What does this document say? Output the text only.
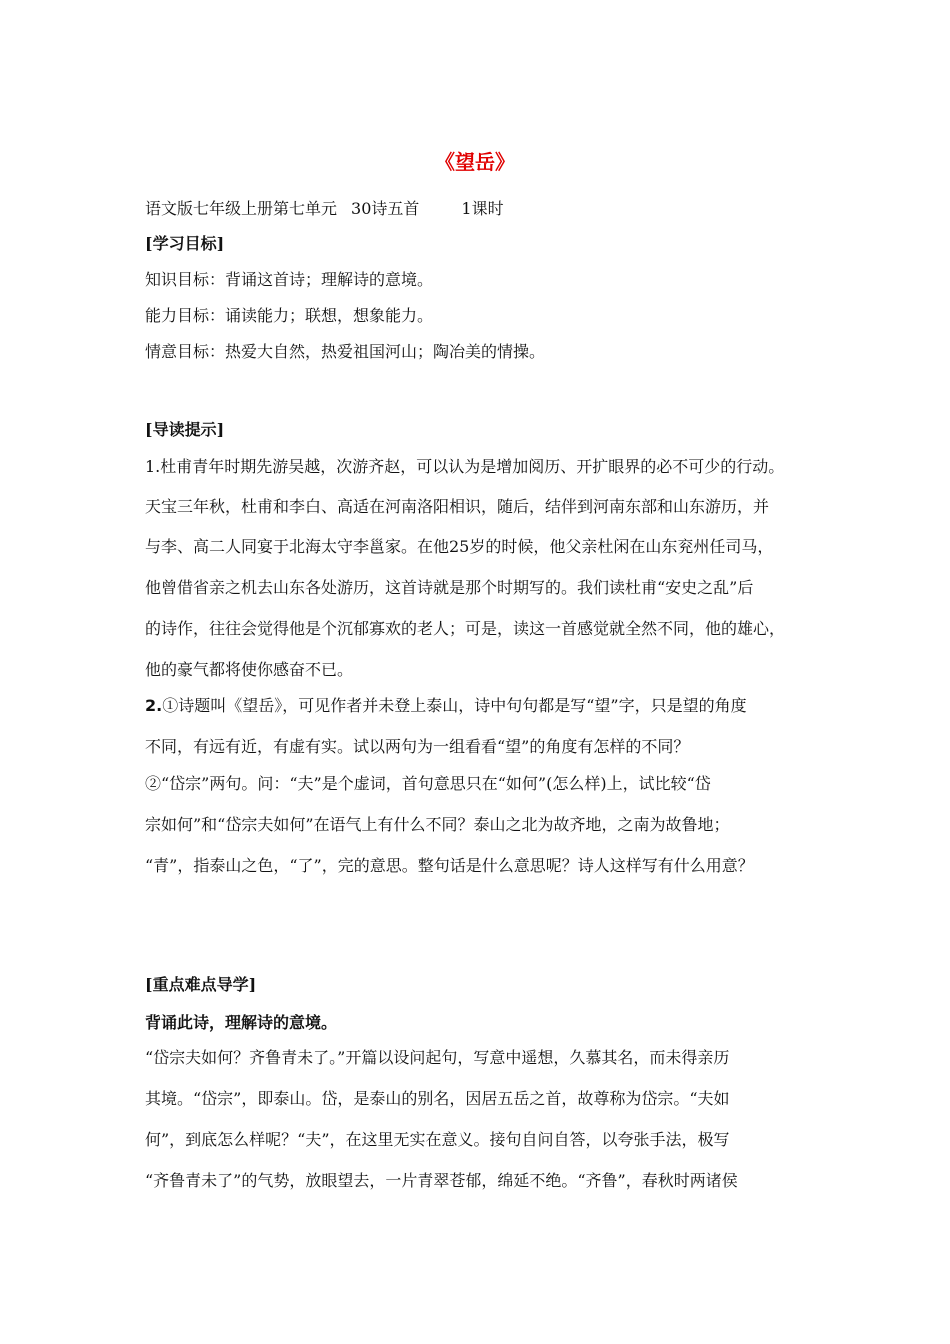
《望岳》
语文版七年级上册第七单元 30诗五首	1课时
[学习目标]
知识目标：背诵这首诗；理解诗的意境。
能力目标：诵读能力；联想，想象能力。
情意目标：热爱大自然，热爱祖国河山；陶冶美的情操。
[导读提示]
1.杜甫青年时期先游吴越，次游齐赵，可以认为是增加阅历、开扩眼界的必不可少的行动。
天宝三年秋，杜甫和李白、高适在河南洛阳相识，随后，结伴到河南东部和山东游历，并
与李、高二人同宴于北海太守李邕家。在他25岁的时候，他父亲杜闲在山东兖州任司马，
他曾借省亲之机去山东各处游历，这首诗就是那个时期写的。我们读杜甫“安史之乱”后
的诗作，往往会觉得他是个沉郁寡欢的老人；可是，读这一首感觉就全然不同，他的雄心，
他的豪气都将使你感奋不已。
2.①诗题叫《望岳》，可见作者并未登上泰山，诗中句句都是写“望”字，只是望的角度
不同，有远有近，有虚有实。试以两句为一组看看“望”的角度有怎样的不同？
②“岱宗”两句。问：“夫”是个虚词，首句意思只在“如何”(怎么样)上，试比较“岱
宗如何”和“岱宗夫如何”在语气上有什么不同？泰山之北为故齐地，之南为故鲁地；
“青”，指泰山之色，“了”，完的意思。整句话是什么意思呢？诗人这样写有什么用意？
[重点难点导学]
背诵此诗，理解诗的意境。
“岱宗夫如何？齐鲁青未了。”开篇以设问起句，写意中遥想，久慕其名，而未得亲历
其境。“岱宗”，即泰山。岱，是泰山的别名，因居五岳之首，故尊称为岱宗。“夫如
何”，到底怎么样呢？“夫”，在这里无实在意义。接句自问自答，以夸张手法，极写
“齐鲁青未了”的气势，放眼望去，一片青翠苍郁，绵延不绝。“齐鲁”，春秋时两诸侯
